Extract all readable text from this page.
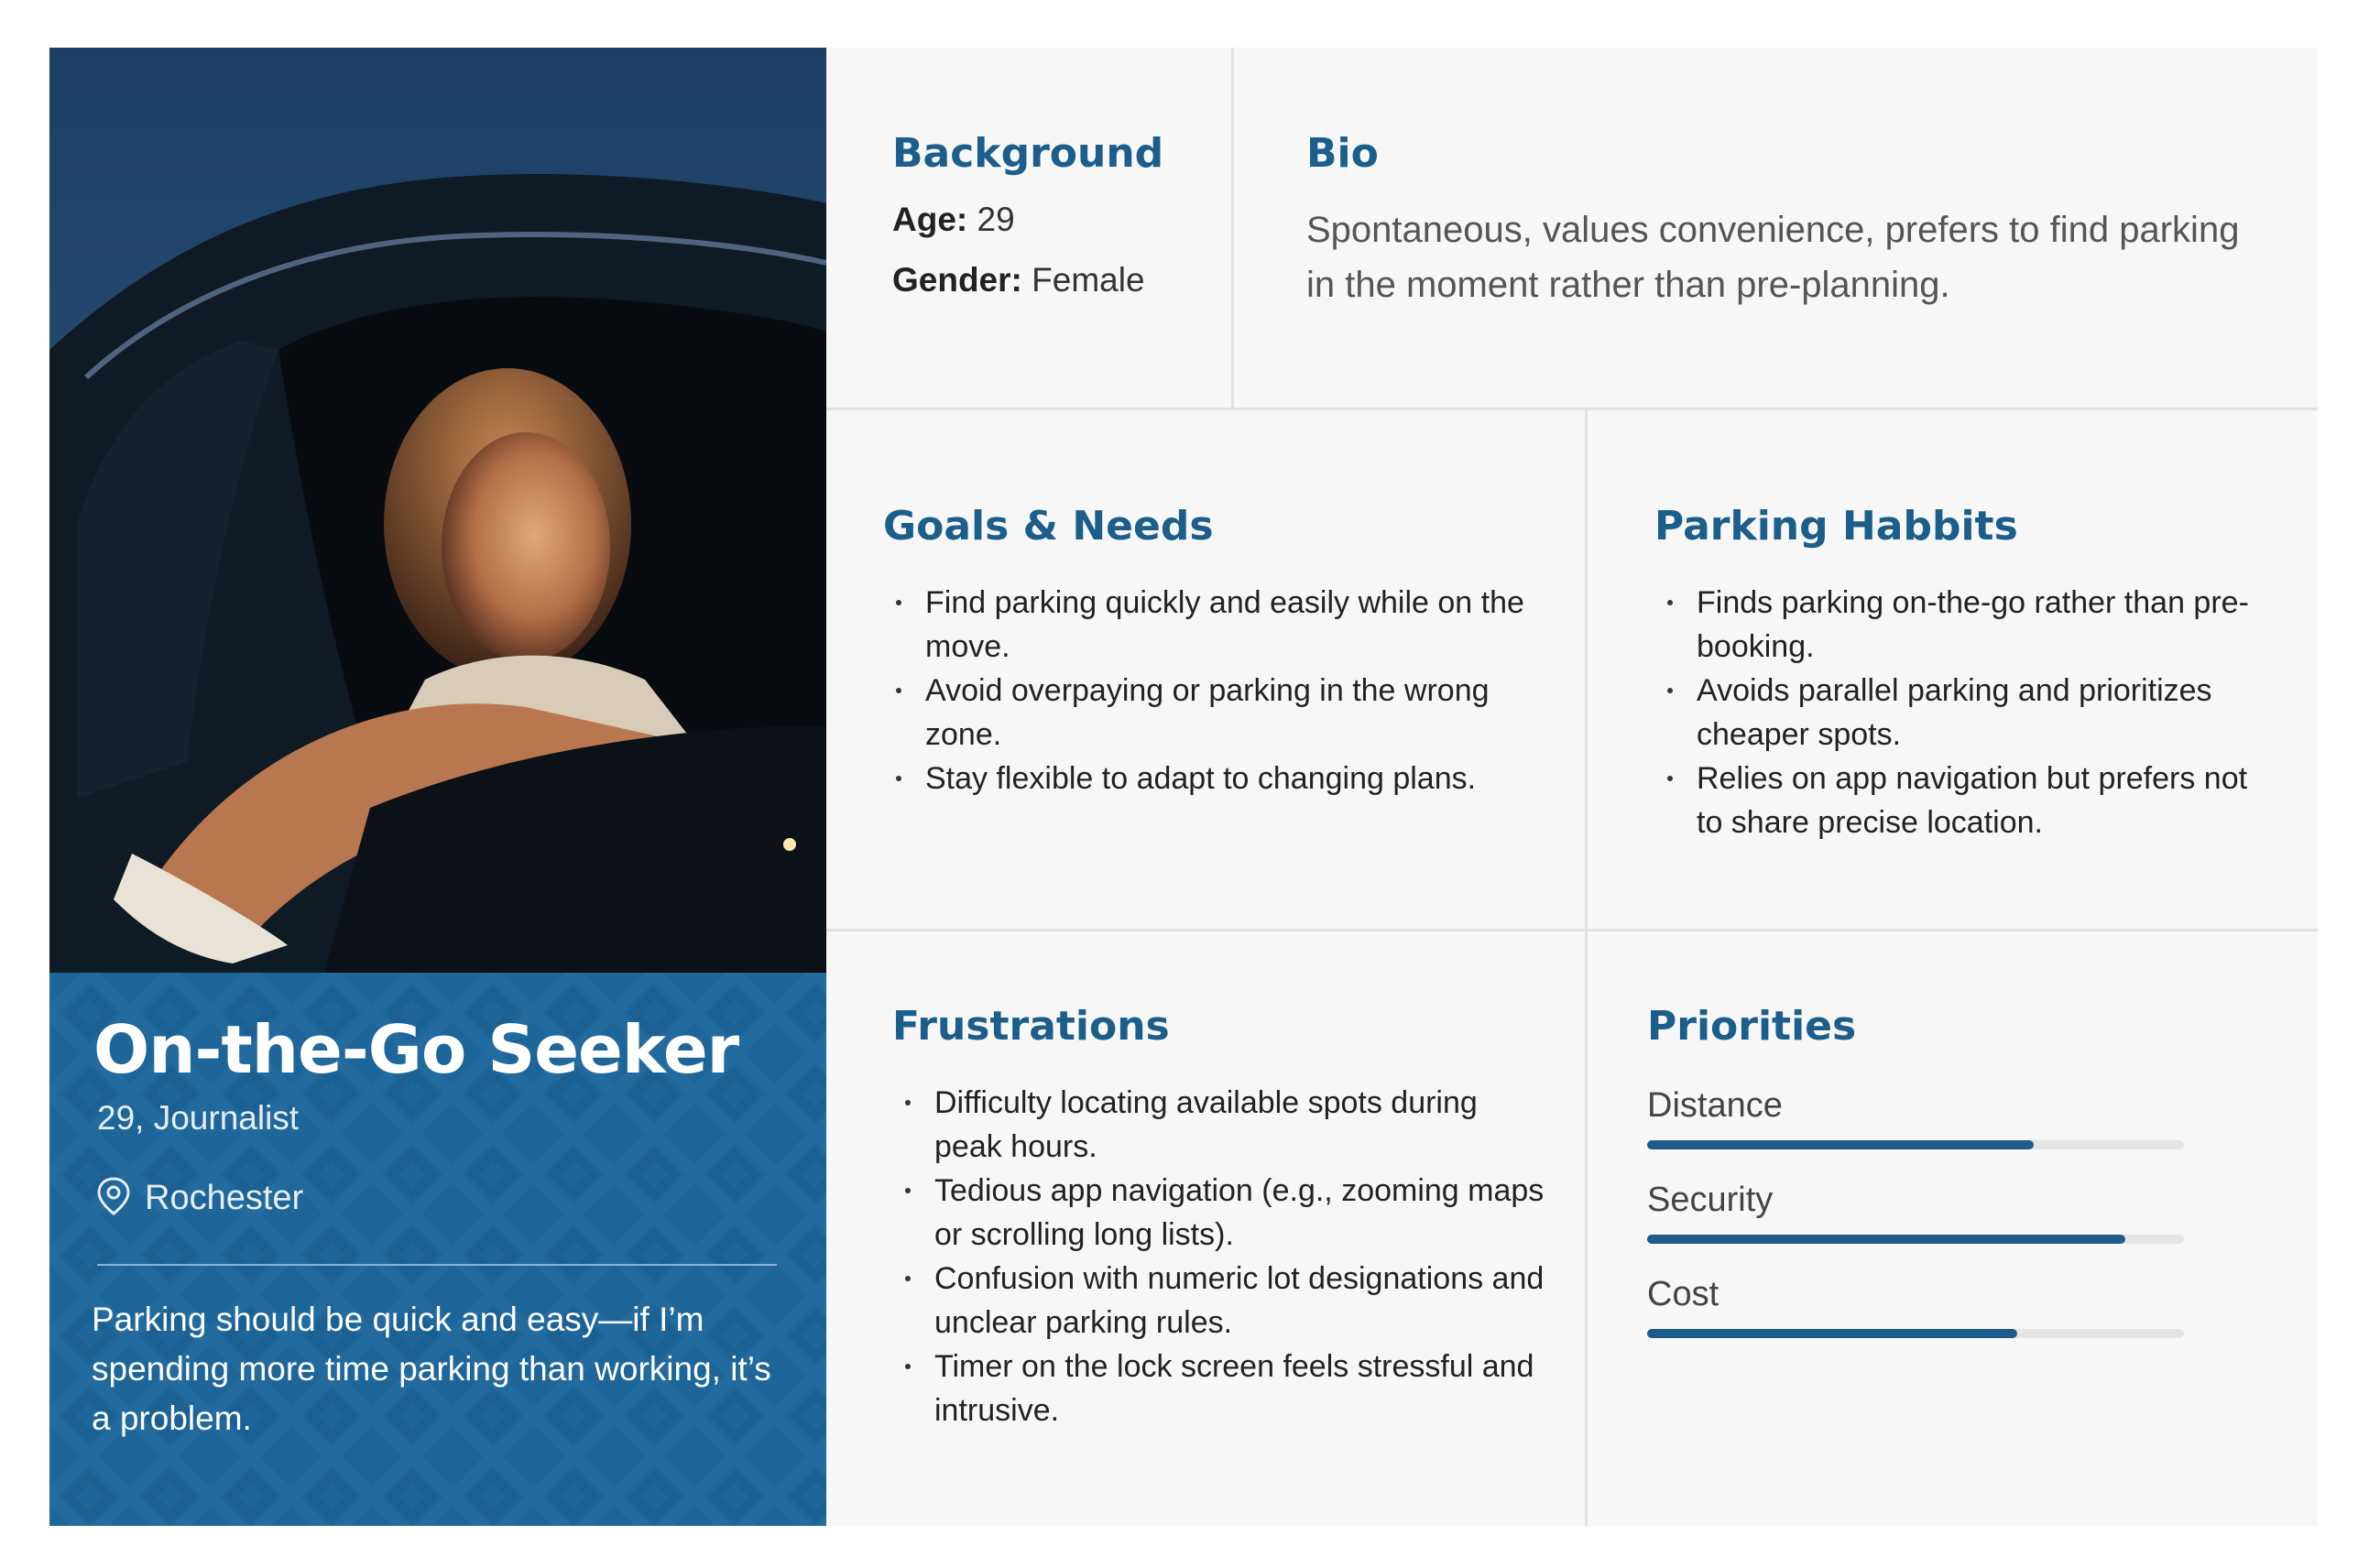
On-the-Go Seeker
29, Journalist
Rochester
Parking should be quick and easy—if I’m spending more time parking than working, it’s a problem.
Background
Age: 29
Gender: Female
Bio
Spontaneous, values convenience, prefers to find parking in the moment rather than pre-planning.
Goals & Needs
Find parking quickly and easily while on the move.
Avoid overpaying or parking in the wrong zone.
Stay flexible to adapt to changing plans.
Parking Habbits
Finds parking on-the-go rather than pre-booking.
Avoids parallel parking and prioritizes cheaper spots.
Relies on app navigation but prefers not to share precise location.
Frustrations
Difficulty locating available spots during peak hours.
Tedious app navigation (e.g., zooming maps or scrolling long lists).
Confusion with numeric lot designations and unclear parking rules.
Timer on the lock screen feels stressful and intrusive.
Priorities
Distance
Security
Cost
